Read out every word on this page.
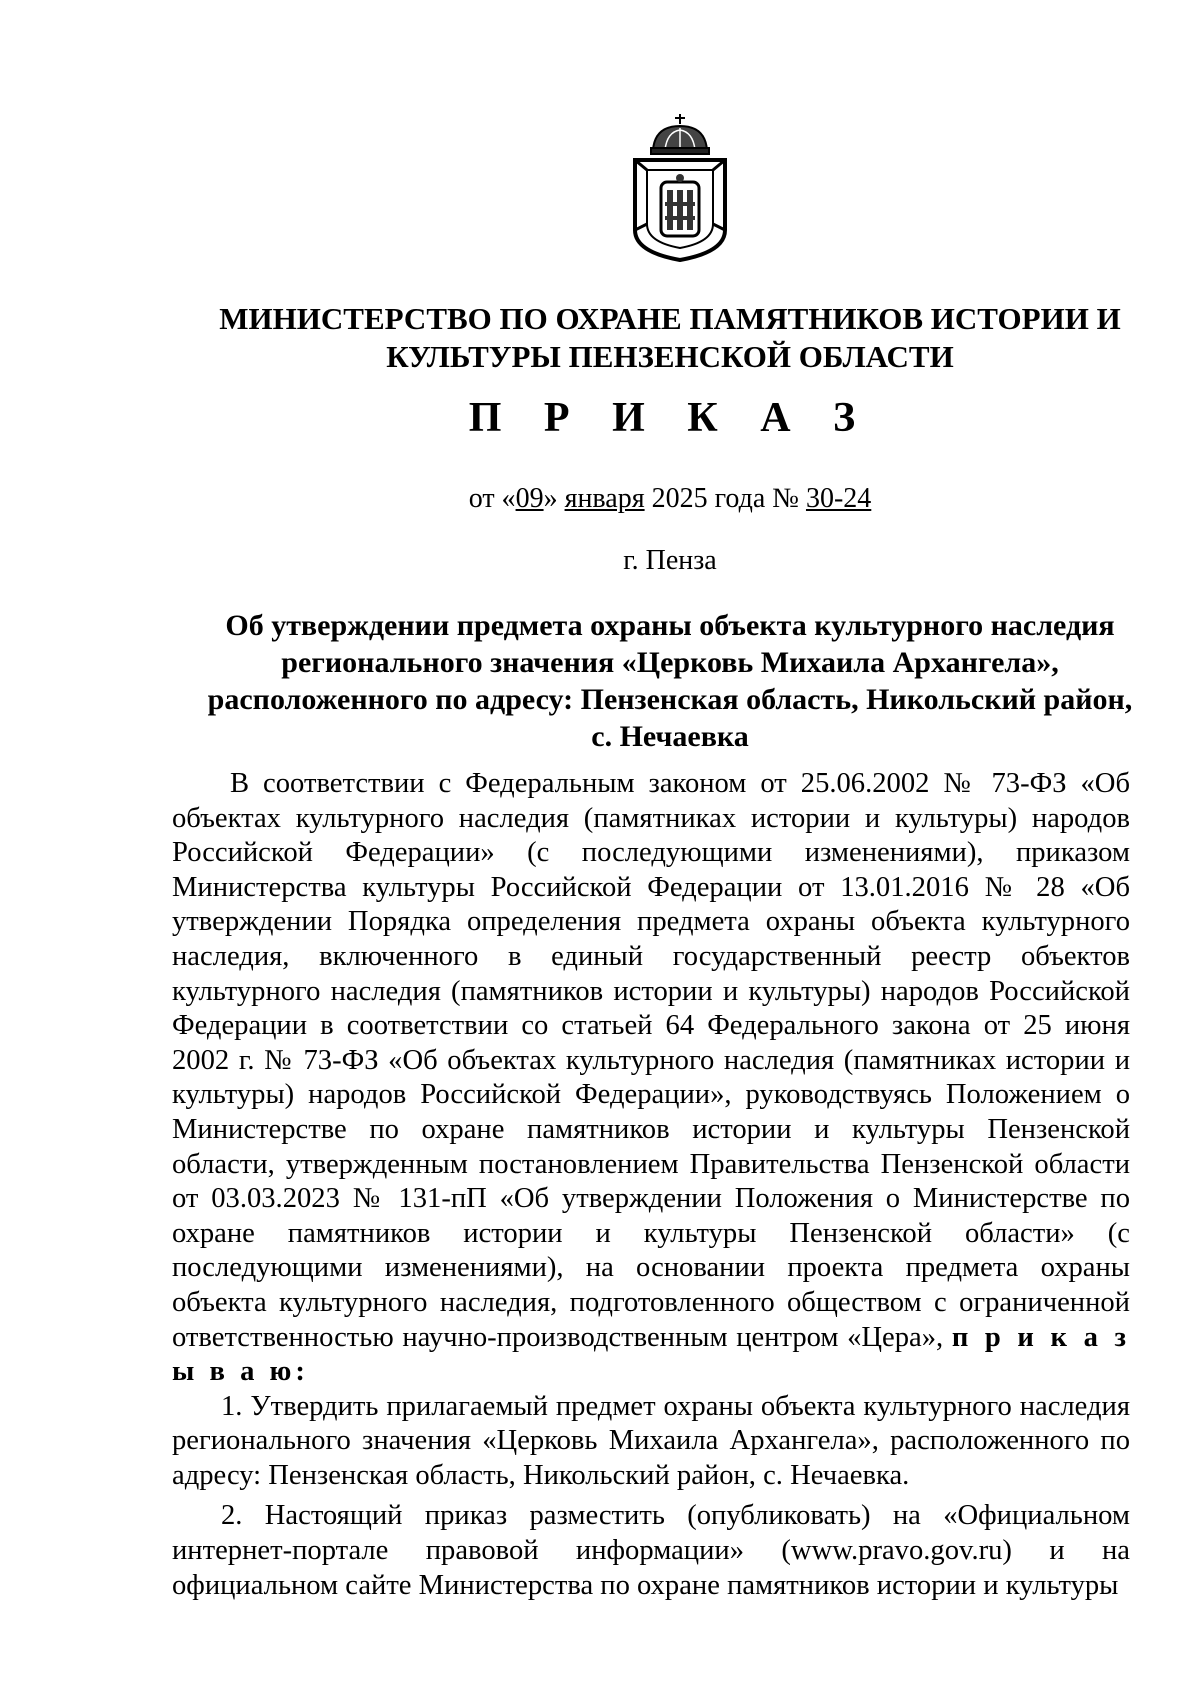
МИНИСТЕРСТВО ПО ОХРАНЕ ПАМЯТНИКОВ ИСТОРИИ И
КУЛЬТУРЫ ПЕНЗЕНСКОЙ ОБЛАСТИ
П Р И К А З
от «09» января 2025 года № 30-24
г. Пенза
Об утверждении предмета охраны объекта культурного наследия
регионального значения «Церковь Михаила Архангела»,
расположенного по адресу: Пензенская область, Никольский район,
с. Нечаевка

В соответствии с Федеральным законом от 25.06.2002 № 73-ФЗ «Об объектах культурного наследия (памятниках истории и культуры) народов Российской Федерации» (с последующими изменениями), приказом Министерства культуры Российской Федерации от 13.01.2016 № 28 «Об утверждении Порядка определения предмета охраны объекта культурного наследия, включенного в единый государственный реестр объектов культурного наследия (памятников истории и культуры) народов Российской Федерации в соответствии со статьей 64 Федерального закона от 25 июня 2002 г. № 73-ФЗ «Об объектах культурного наследия (памятниках истории и культуры) народов Российской Федерации», руководствуясь Положением о Министерстве по охране памятников истории и культуры Пензенской области, утвержденным постановлением Правительства Пензенской области от 03.03.2023 № 131-пП «Об утверждении Положения о Министерстве по охране памятников истории и культуры Пензенской области» (с последующими изменениями), на основании проекта предмета охраны объекта культурного наследия, подготовленного обществом с ограниченной ответственностью научно-производственным центром «Цера», п р и к а з ы в а ю:

1. Утвердить прилагаемый предмет охраны объекта культурного наследия регионального значения «Церковь Михаила Архангела», расположенного по адресу: Пензенская область, Никольский район, с. Нечаевка.

2. Настоящий приказ разместить (опубликовать) на «Официальном интернет-портале правовой информации» (www.pravo.gov.ru) и на официальном сайте Министерства по охране памятников истории и культуры
